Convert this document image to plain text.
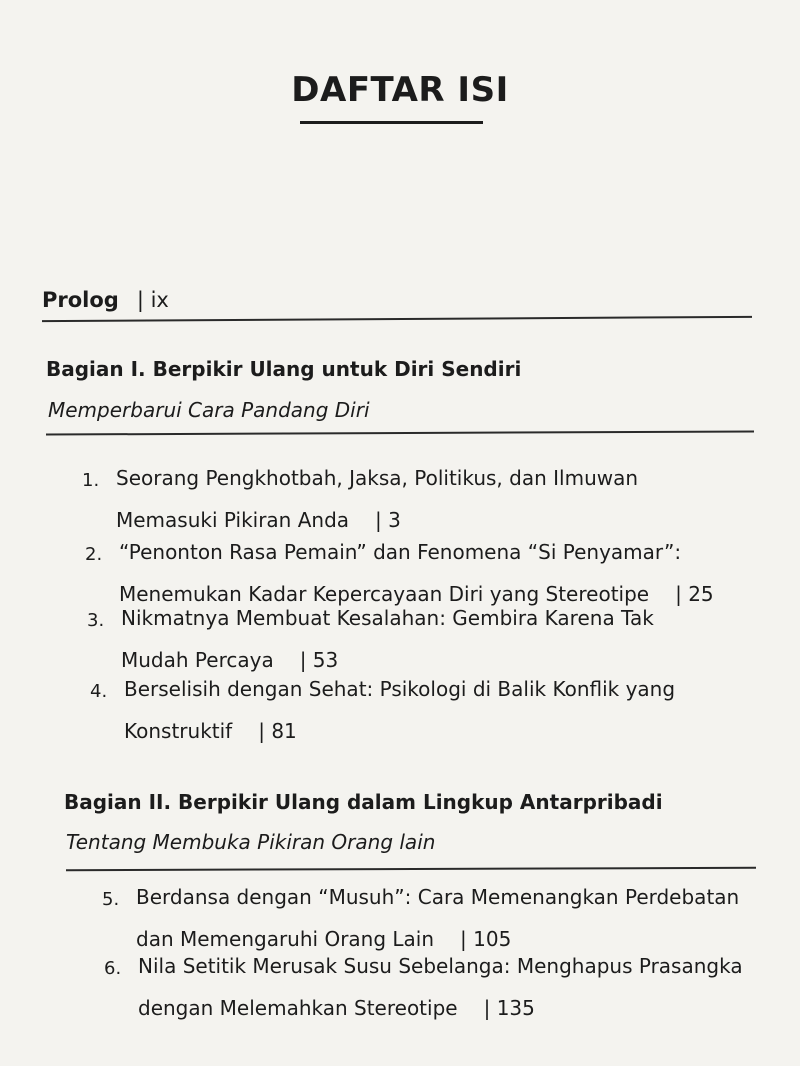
DAFTAR ISI
Prolog | ix
Bagian I. Berpikir Ulang untuk Diri Sendiri
Memperbarui Cara Pandang Diri
1. Seorang Pengkhotbah, Jaksa, Politikus, dan Ilmuwan
Memasuki Pikiran Anda | 3
2. “Penonton Rasa Pemain” dan Fenomena “Si Penyamar”:
Menemukan Kadar Kepercayaan Diri yang Stereotipe | 25
3. Nikmatnya Membuat Kesalahan: Gembira Karena Tak
Mudah Percaya | 53
4. Berselisih dengan Sehat: Psikologi di Balik Konflik yang
Konstruktif | 81
Bagian II. Berpikir Ulang dalam Lingkup Antarpribadi
Tentang Membuka Pikiran Orang lain
5. Berdansa dengan “Musuh”: Cara Memenangkan Perdebatan
dan Memengaruhi Orang Lain | 105
6. Nila Setitik Merusak Susu Sebelanga: Menghapus Prasangka
dengan Melemahkan Stereotipe | 135
